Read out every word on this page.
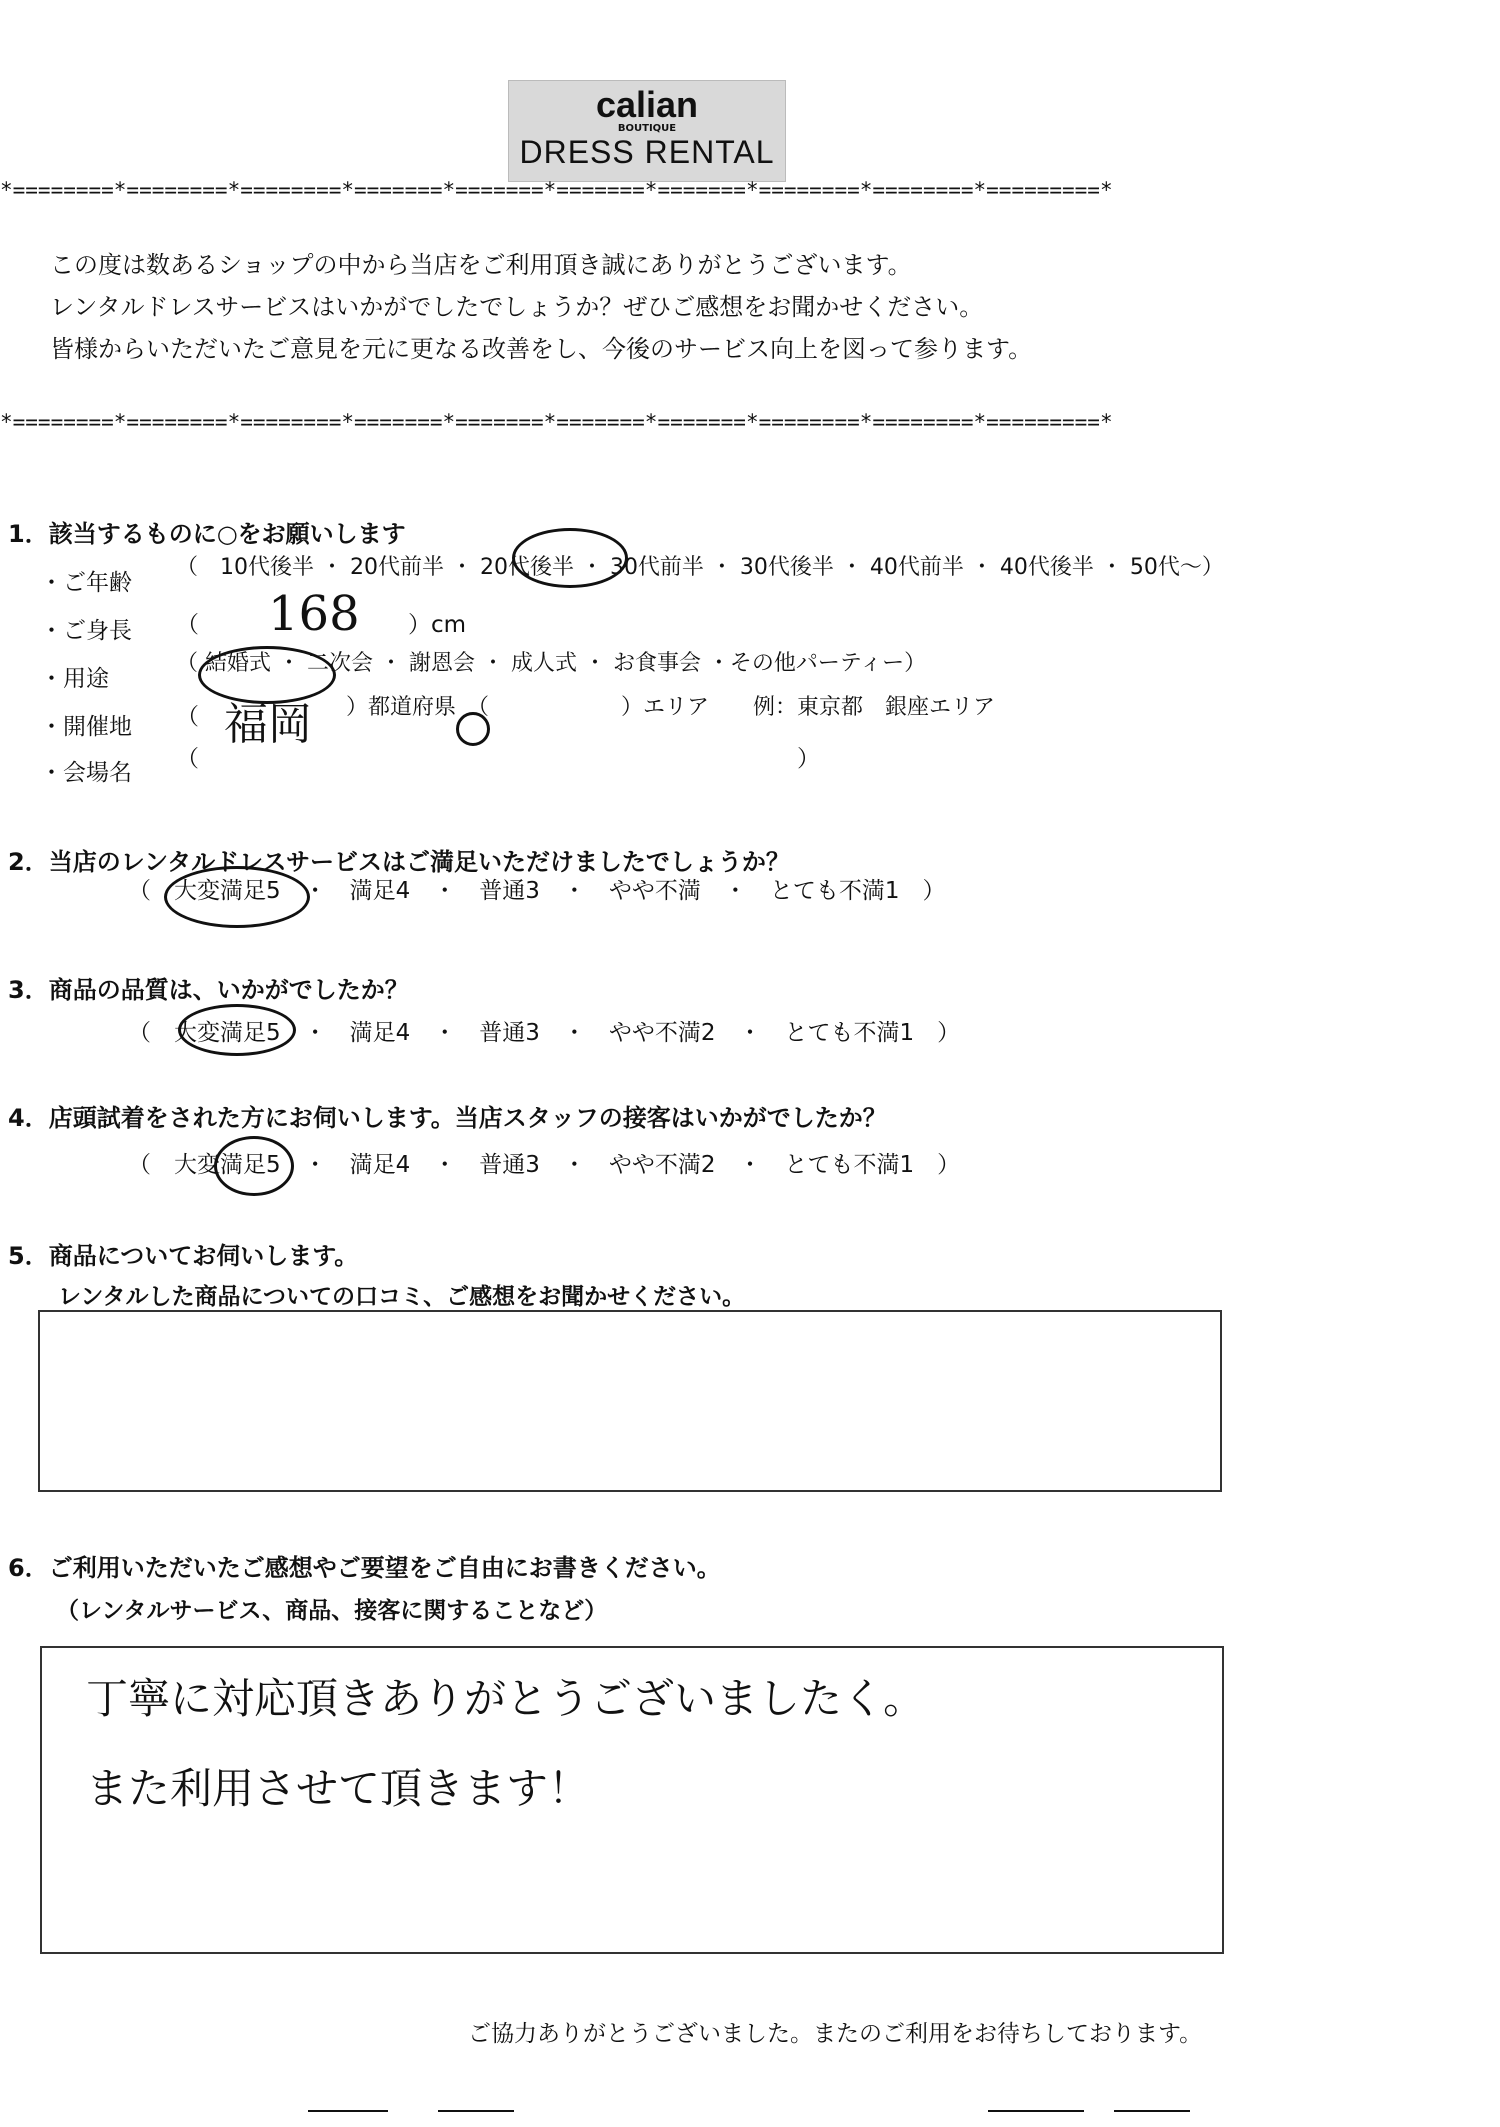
calian
BOUTIQUE
DRESS RENTAL
*========*========*========*=======*=======*=======*=======*========*========*=========*
この度は数あるショップの中から当店をご利用頂き誠にありがとうございます。
レンタルドレスサービスはいかがでしたでしょうか？ぜひご感想をお聞かせください。
皆様からいただいたご意見を元に更なる改善をし、今後のサービス向上を図って参ります。
*========*========*========*=======*=======*=======*=======*========*========*=========*
1．該当するものに○をお願いします
・ご年齢
（　10代後半 ・ 20代前半 ・ 20代後半 ・ 30代前半 ・ 30代後半 ・ 40代前半 ・ 40代後半 ・ 50代～）
・ご身長 （ 168 ）cm
・用途
（ 結婚式 ・ 二次会 ・ 謝恩会 ・ 成人式 ・ お食事会 ・その他パーティー）
・開催地 （ 福岡 ）都道府県　（　　　　　　）エリア　　例：東京都　銀座エリア
・会場名
（　　　　　　　　　　　　　　　　　　　　　　　　　　）
2．当店のレンタルドレスサービスはご満足いただけましたでしょうか？
（　大変満足5　・　満足4　・　普通3　・　やや不満　・　とても不満1　）
3．商品の品質は、いかがでしたか？
（　大変満足5　・　満足4　・　普通3　・　やや不満2　・　とても不満1　）
4．店頭試着をされた方にお伺いします。当店スタッフの接客はいかがでしたか？
（　大変満足5　・　満足4　・　普通3　・　やや不満2　・　とても不満1　）
5．商品についてお伺いします。
レンタルした商品についての口コミ、ご感想をお聞かせください。
6．ご利用いただいたご感想やご要望をご自由にお書きください。
（レンタルサービス、商品、接客に関することなど）
丁寧に対応頂きありがとうございましたく。
また利用させて頂きます！
ご協力ありがとうございました。またのご利用をお待ちしております。
